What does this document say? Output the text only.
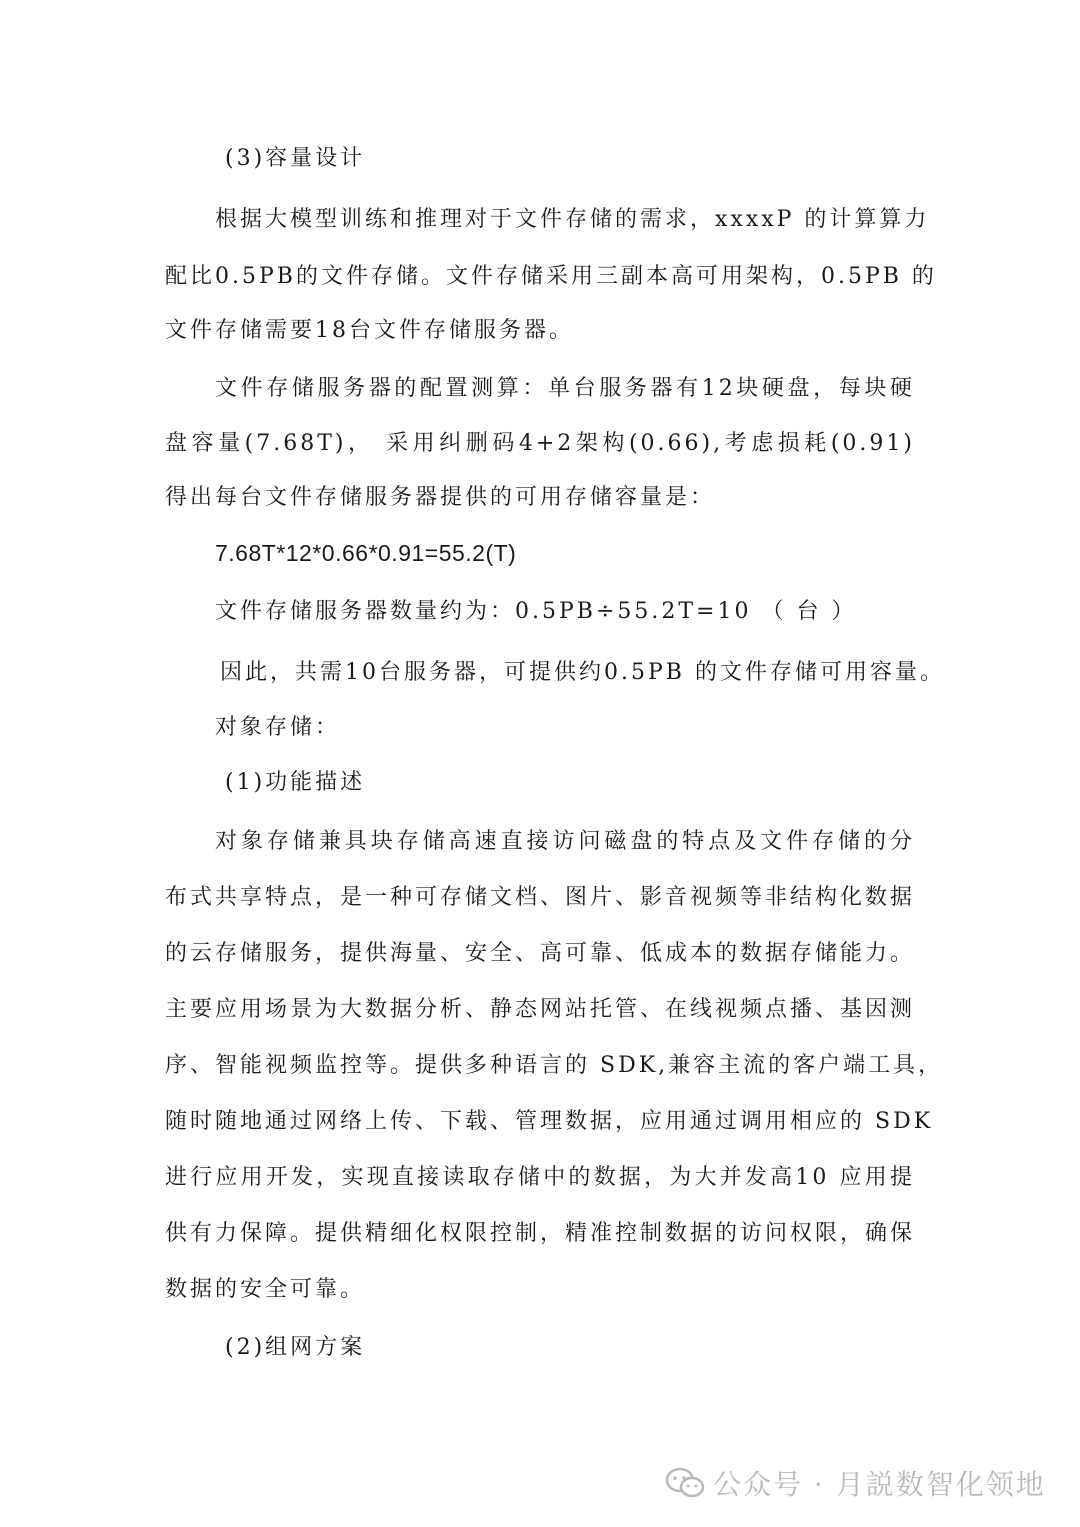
(3)容量设计
根据大模型训练和推理对于文件存储的需求，xxxxP 的计算算力
配比0.5PB的文件存储。文件存储采用三副本高可用架构，0.5PB 的
文件存储需要18台文件存储服务器。
文件存储服务器的配置测算：单台服务器有12块硬盘，每块硬
盘容量(7.68T)， 采用纠删码4+2架构(0.66),考虑损耗(0.91)
得出每台文件存储服务器提供的可用存储容量是：
7.68T*12*0.66*0.91=55.2(T)
文件存储服务器数量约为：0.5PB÷55.2T=10 （ 台 ）
因此，共需10台服务器，可提供约0.5PB 的文件存储可用容量。
对象存储：
(1)功能描述
对象存储兼具块存储高速直接访问磁盘的特点及文件存储的分
布式共享特点，是一种可存储文档、图片、影音视频等非结构化数据
的云存储服务，提供海量、安全、高可靠、低成本的数据存储能力。
主要应用场景为大数据分析、静态网站托管、在线视频点播、基因测
序、智能视频监控等。提供多种语言的 SDK,兼容主流的客户端工具，
随时随地通过网络上传、下载、管理数据，应用通过调用相应的 SDK
进行应用开发，实现直接读取存储中的数据，为大并发高10 应用提
供有力保障。提供精细化权限控制，精准控制数据的访问权限，确保
数据的安全可靠。
(2)组网方案
公众号 · 月説数智化领地
